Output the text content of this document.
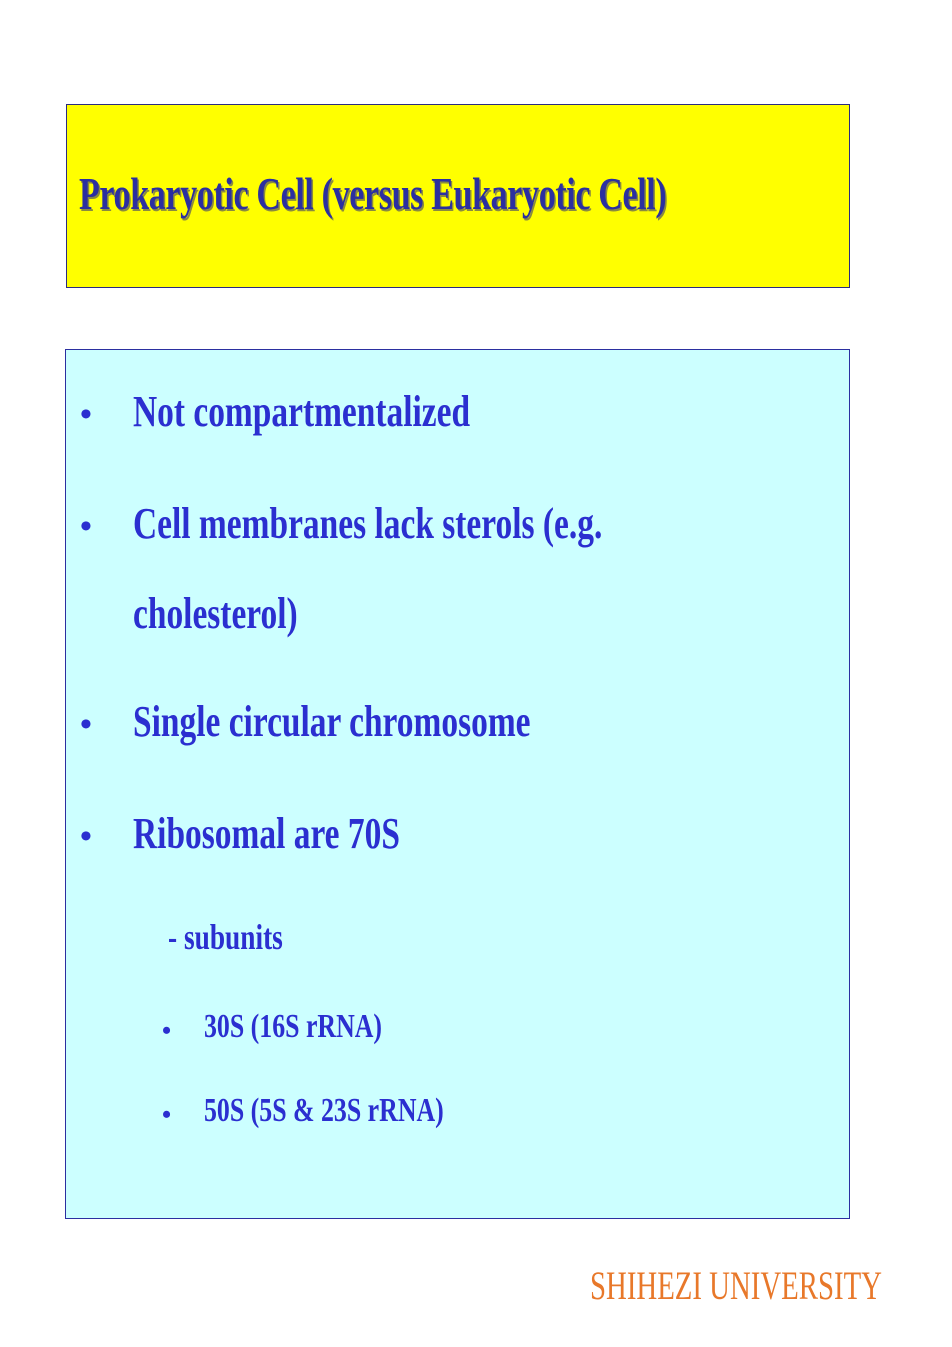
Prokaryotic Cell (versus Eukaryotic Cell)
• Not compartmentalized
• Cell membranes lack sterols (e.g.
cholesterol)
• Single circular chromosome
• Ribosomal are 70S
- subunits
• 30S (16S rRNA)
• 50S (5S & 23S rRNA)

SHIHEZI UNIVERSITY
